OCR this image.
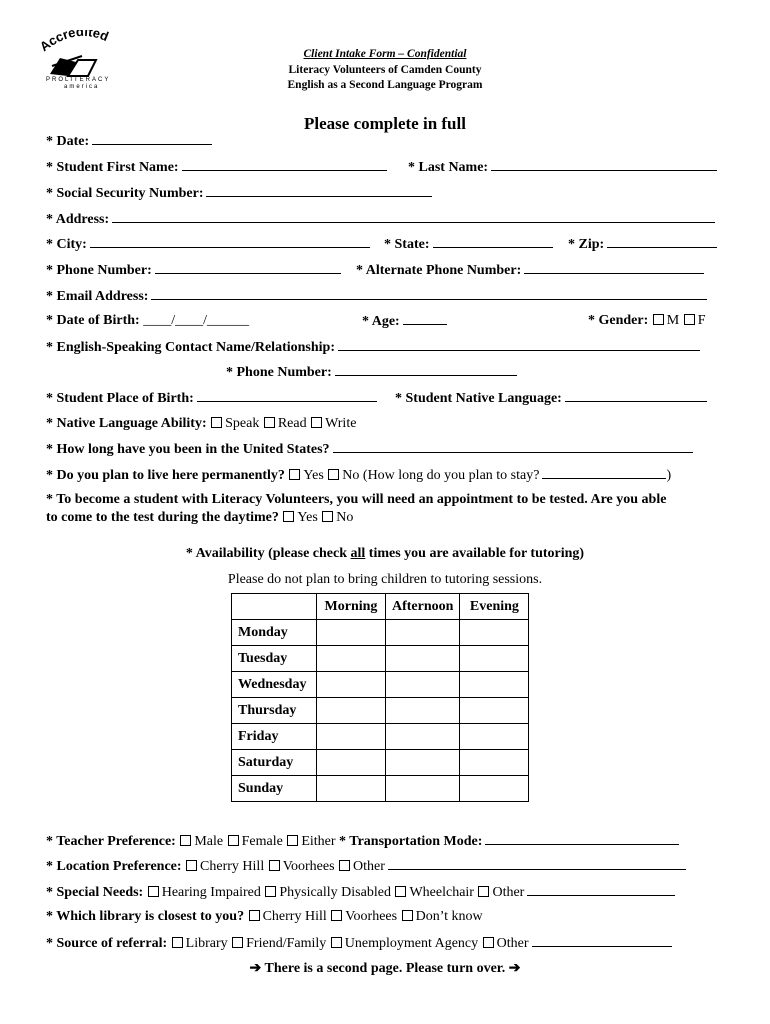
Accredited
PROLITERACY
america
Client Intake Form – Confidential
Literacy Volunteers of Camden County
English as a Second Language Program
Please complete in full
* Date:
* Student First Name:	* Last Name:
* Social Security Number:
* Address:
* City:	* State:	* Zip:
* Phone Number:	* Alternate Phone Number:
* Email Address:
* Date of Birth: ____/____/______	* Age:	* Gender: M F
* English-Speaking Contact Name/Relationship:
* Phone Number:
* Student Place of Birth:	* Student Native Language:
* Native Language Ability: Speak Read Write
* How long have you been in the United States?
* Do you plan to live here permanently? Yes No (How long do you plan to stay?	)
* To become a student with Literacy Volunteers, you will need an appointment to be tested. Are you able
to come to the test during the daytime? Yes No
* Availability (please check all times you are available for tutoring)
Please do not plan to bring children to tutoring sessions.
	Morning	Afternoon	Evening
Monday			
Tuesday			
Wednesday			
Thursday			
Friday			
Saturday			
Sunday			
* Teacher Preference: Male Female Either * Transportation Mode:
* Location Preference: Cherry Hill Voorhees Other
* Special Needs: Hearing Impaired Physically Disabled Wheelchair Other
* Which library is closest to you? Cherry Hill Voorhees Don’t know
* Source of referral: Library Friend/Family Unemployment Agency Other
➔ There is a second page. Please turn over. ➔
